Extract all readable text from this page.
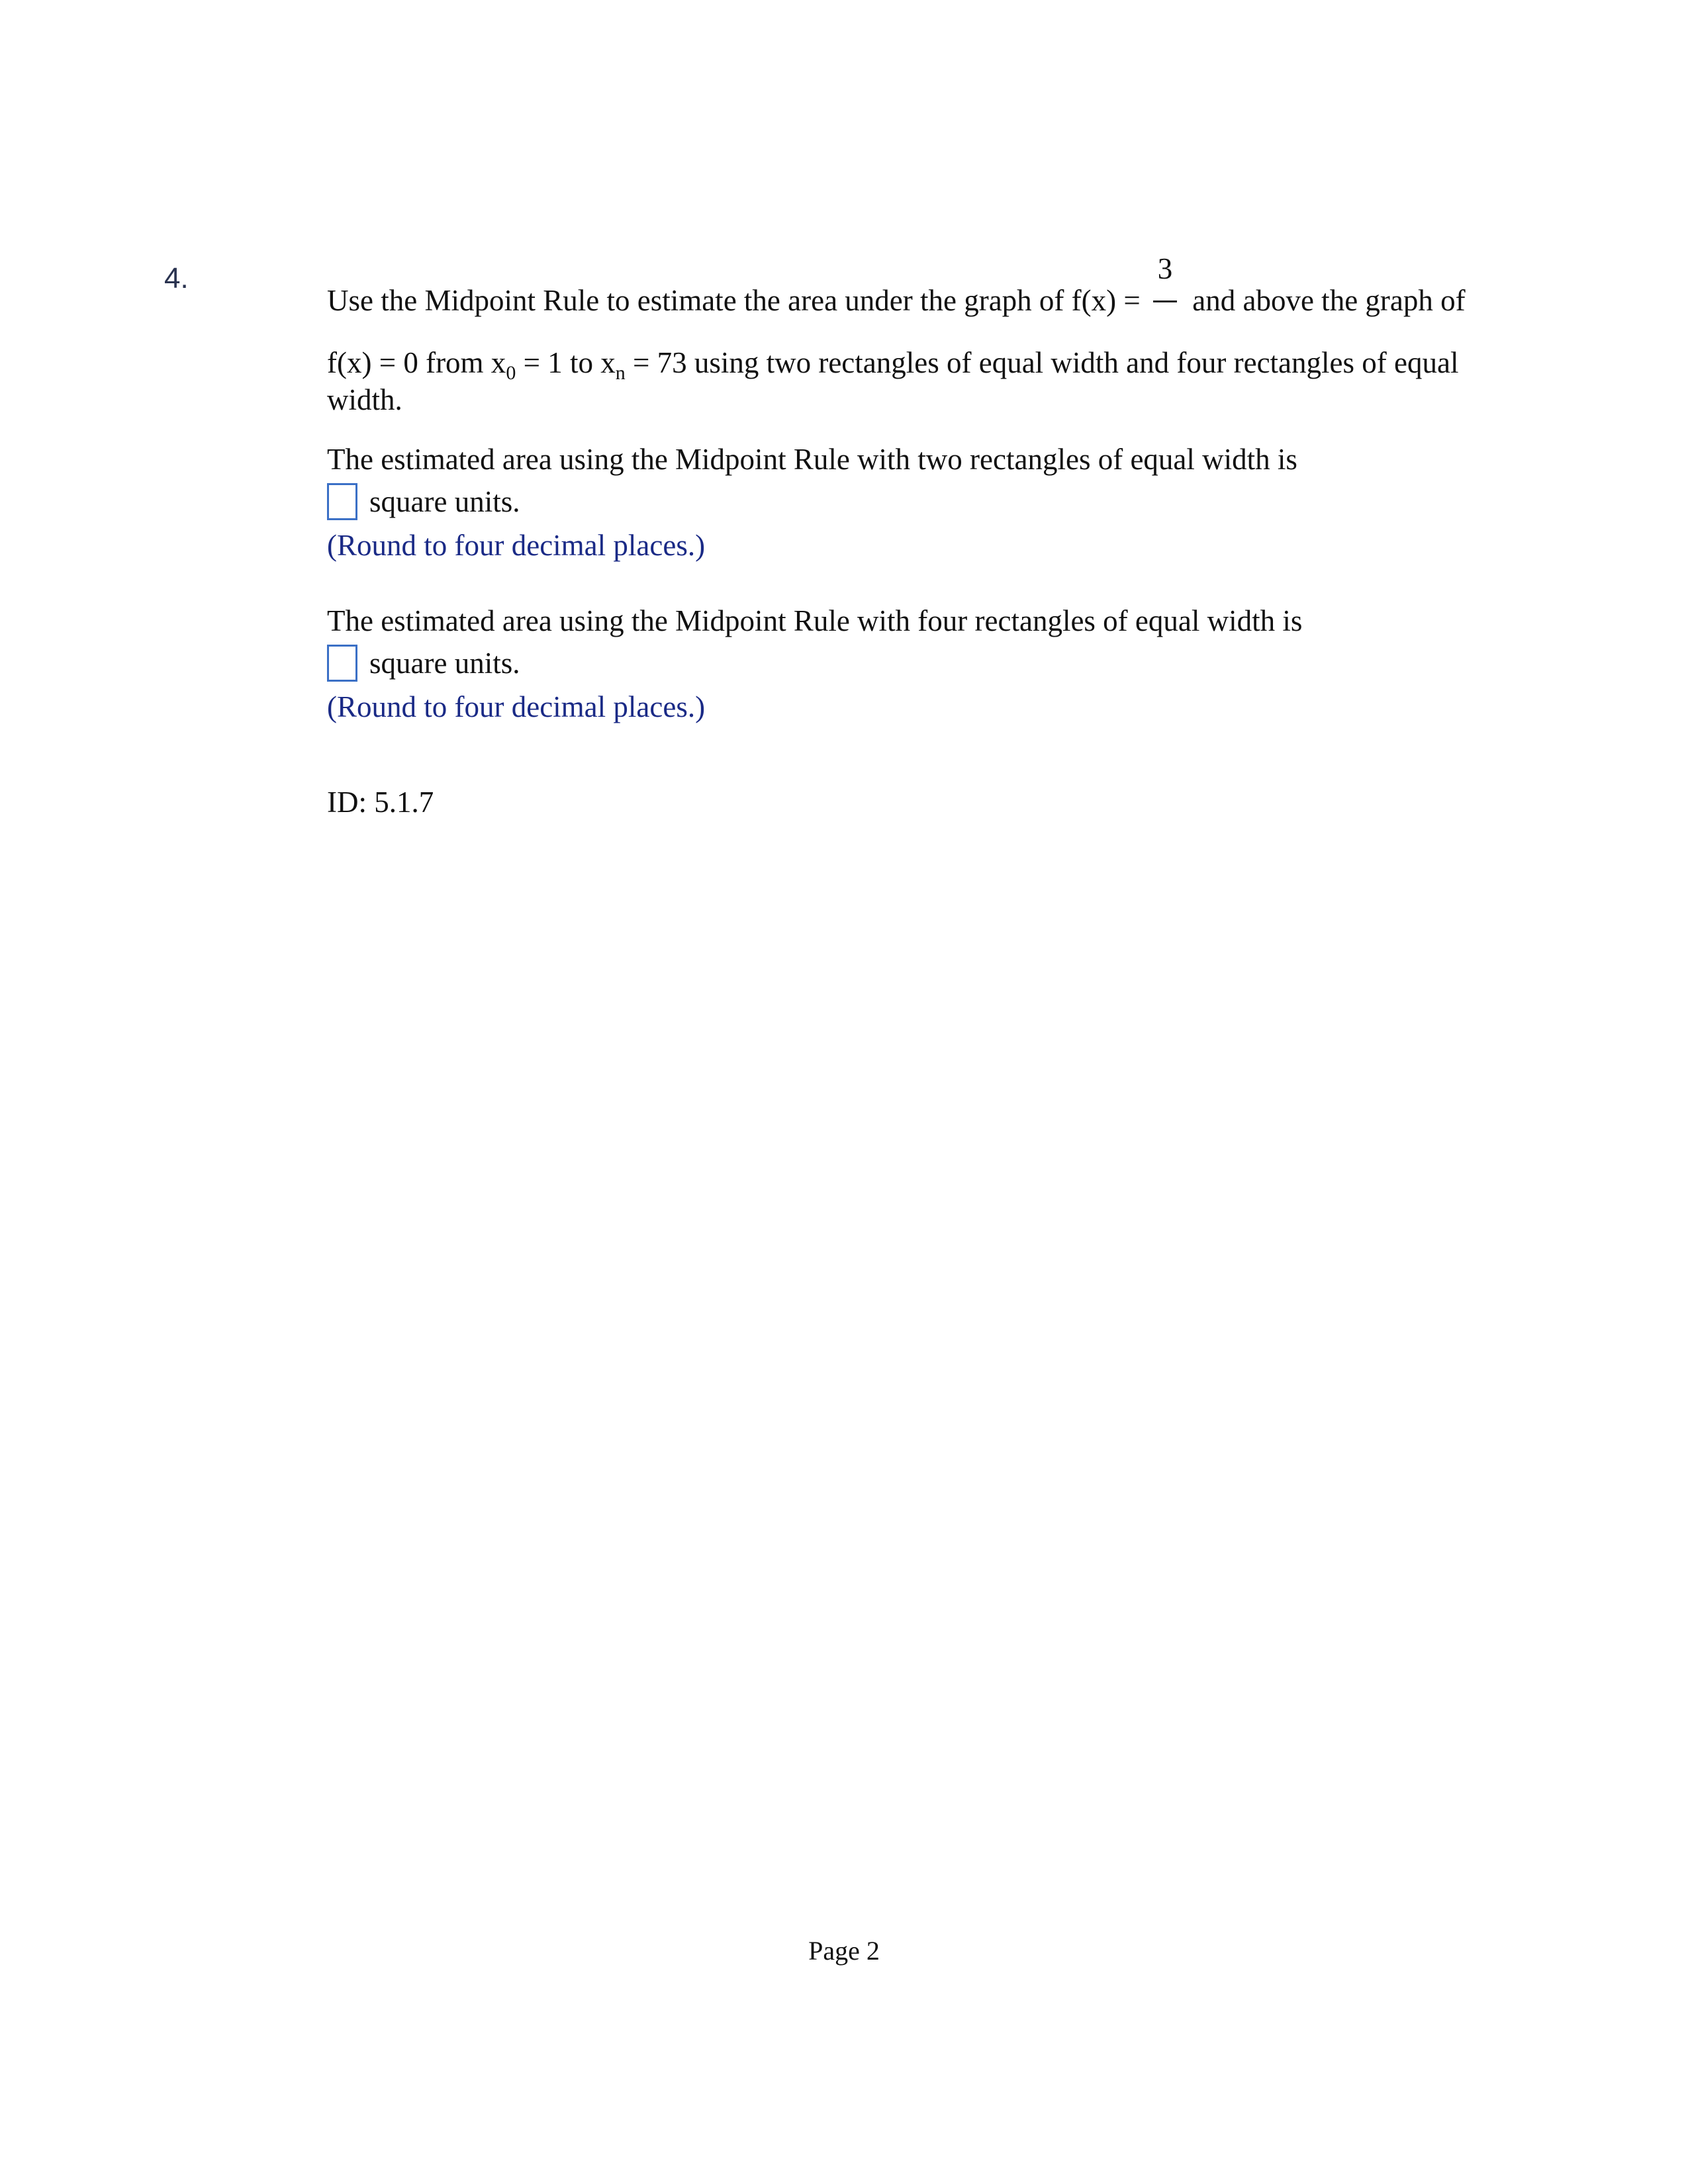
4.
Use the Midpoint Rule to estimate the area under the graph of f(x) =
3
and above the graph of
f(x) = 0 from $x_0 = 1$ to $x_n = 73$ using two rectangles of equal width and four rectangles of equal
width.
The estimated area using the Midpoint Rule with two rectangles of equal width is
square units.
(Round to four decimal places.)
The estimated area using the Midpoint Rule with four rectangles of equal width is
square units.
(Round to four decimal places.)
ID: 5.1.7
Page 2
